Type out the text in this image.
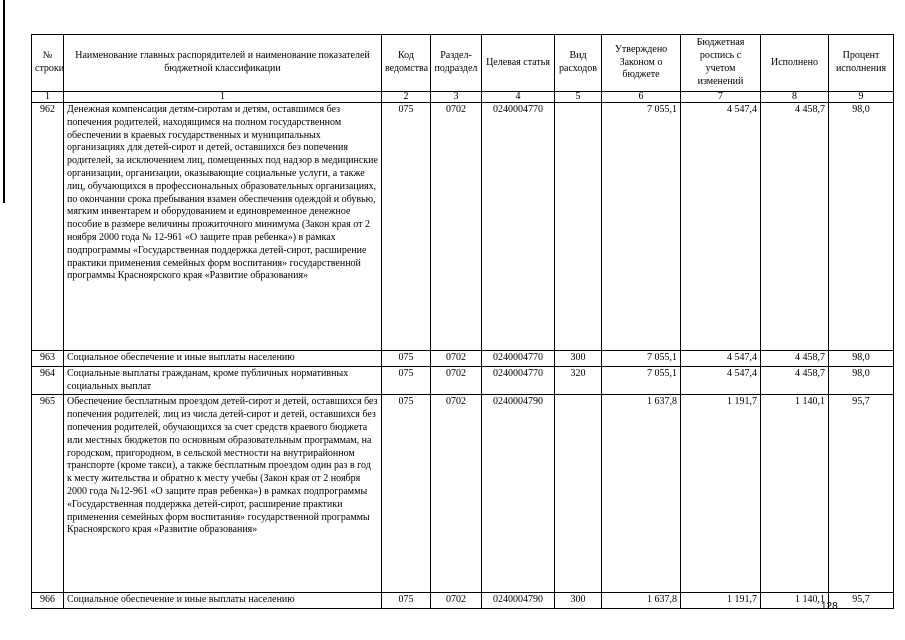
№ строки	Наименование главных распорядителей и наименование показателей бюджетной классификации	Код ведомства	Раздел-подраздел	Целевая статья	Вид расходов	Утверждено Законом о бюджете	Бюджетная роспись с учетом изменений	Исполнено	Процент исполнения
1	1	2	3	4	5	6	7	8	9
962	Денежная компенсация детям-сиротам и детям, оставшимся без попечения родителей, находящимся на полном государственном обеспечении в краевых государственных и муниципальных организациях для детей-сирот и детей, оставшихся без попечения родителей, за исключением лиц, помещенных под надзор в медицинские организации, организации, оказывающие социальные услуги, а также лиц, обучающихся в профессиональных образовательных организациях, по окончании срока пребывания взамен обеспечения одеждой и обувью, мягким инвентарем и оборудованием и единовременное денежное пособие в размере величины прожиточного минимума (Закон края от 2 ноября 2000 года № 12-961 «О защите прав ребенка») в рамках подпрограммы «Государственная поддержка детей-сирот, расширение практики применения семейных форм воспитания» государственной программы Красноярского края «Развитие образования»	075	0702	0240004770		7 055,1	4 547,4	4 458,7	98,0
963	Социальное обеспечение и иные выплаты населению	075	0702	0240004770	300	7 055,1	4 547,4	4 458,7	98,0
964	Социальные выплаты гражданам, кроме публичных нормативных социальных выплат	075	0702	0240004770	320	7 055,1	4 547,4	4 458,7	98,0
965	Обеспечение бесплатным проездом детей-сирот и детей, оставшихся без попечения родителей, лиц из числа детей-сирот и детей, оставшихся без попечения родителей, обучающихся за счет средств краевого бюджета или местных бюджетов по основным образовательным программам, на городском, пригородном, в сельской местности на внутрирайонном транспорте (кроме такси), а также бесплатным проездом один раз в год к месту жительства и обратно к месту учебы (Закон края от 2 ноября 2000 года №12-961 «О защите прав ребенка») в рамках подпрограммы «Государственная поддержка детей-сирот, расширение практики применения семейных форм воспитания» государственной программы Красноярского края «Развитие образования»	075	0702	0240004790		1 637,8	1 191,7	1 140,1	95,7
966	Социальное обеспечение и иные выплаты населению	075	0702	0240004790	300	1 637,8	1 191,7	1 140,1	95,7
128
